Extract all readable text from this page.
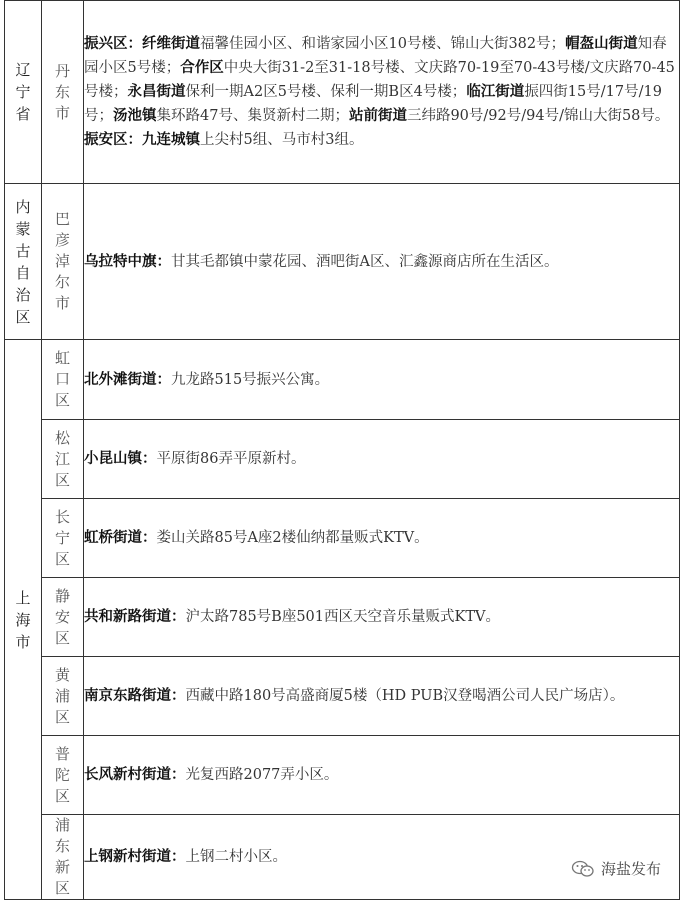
辽宁省	丹东市	振兴区：纤维街道福馨佳园小区、和谐家园小区10号楼、锦山大街382号；帽盔山街道知春园小区5号楼；合作区中央大街31-2至31-18号楼、文庆路70-19至70-43号楼/文庆路70-45号楼；永昌街道保利一期A2区5号楼、保利一期B区4号楼；临江街道振四街15号/17号/19号；汤池镇集环路47号、集贤新村二期；站前街道三纬路90号/92号/94号/锦山大街58号。
振安区：九连城镇上尖村5组、马市村3组。

内蒙古自治区	巴彦淖尔市	乌拉特中旗：甘其毛都镇中蒙花园、酒吧街A区、汇鑫源商店所在生活区。

上海市	虹口区	北外滩街道：九龙路515号振兴公寓。

	松江区	小昆山镇：平原街86弄平原新村。

	长宁区	虹桥街道：娄山关路85号A座2楼仙纳都量贩式KTV。

	静安区	共和新路街道：沪太路785号B座501西区天空音乐量贩式KTV。

	黄浦区	南京东路街道：西藏中路180号高盛商厦5楼（HD PUB汉登喝酒公司人民广场店）。

	普陀区	长风新村街道：光复西路2077弄小区。

	浦东新区	上钢新村街道：上钢二村小区。
海盐发布
